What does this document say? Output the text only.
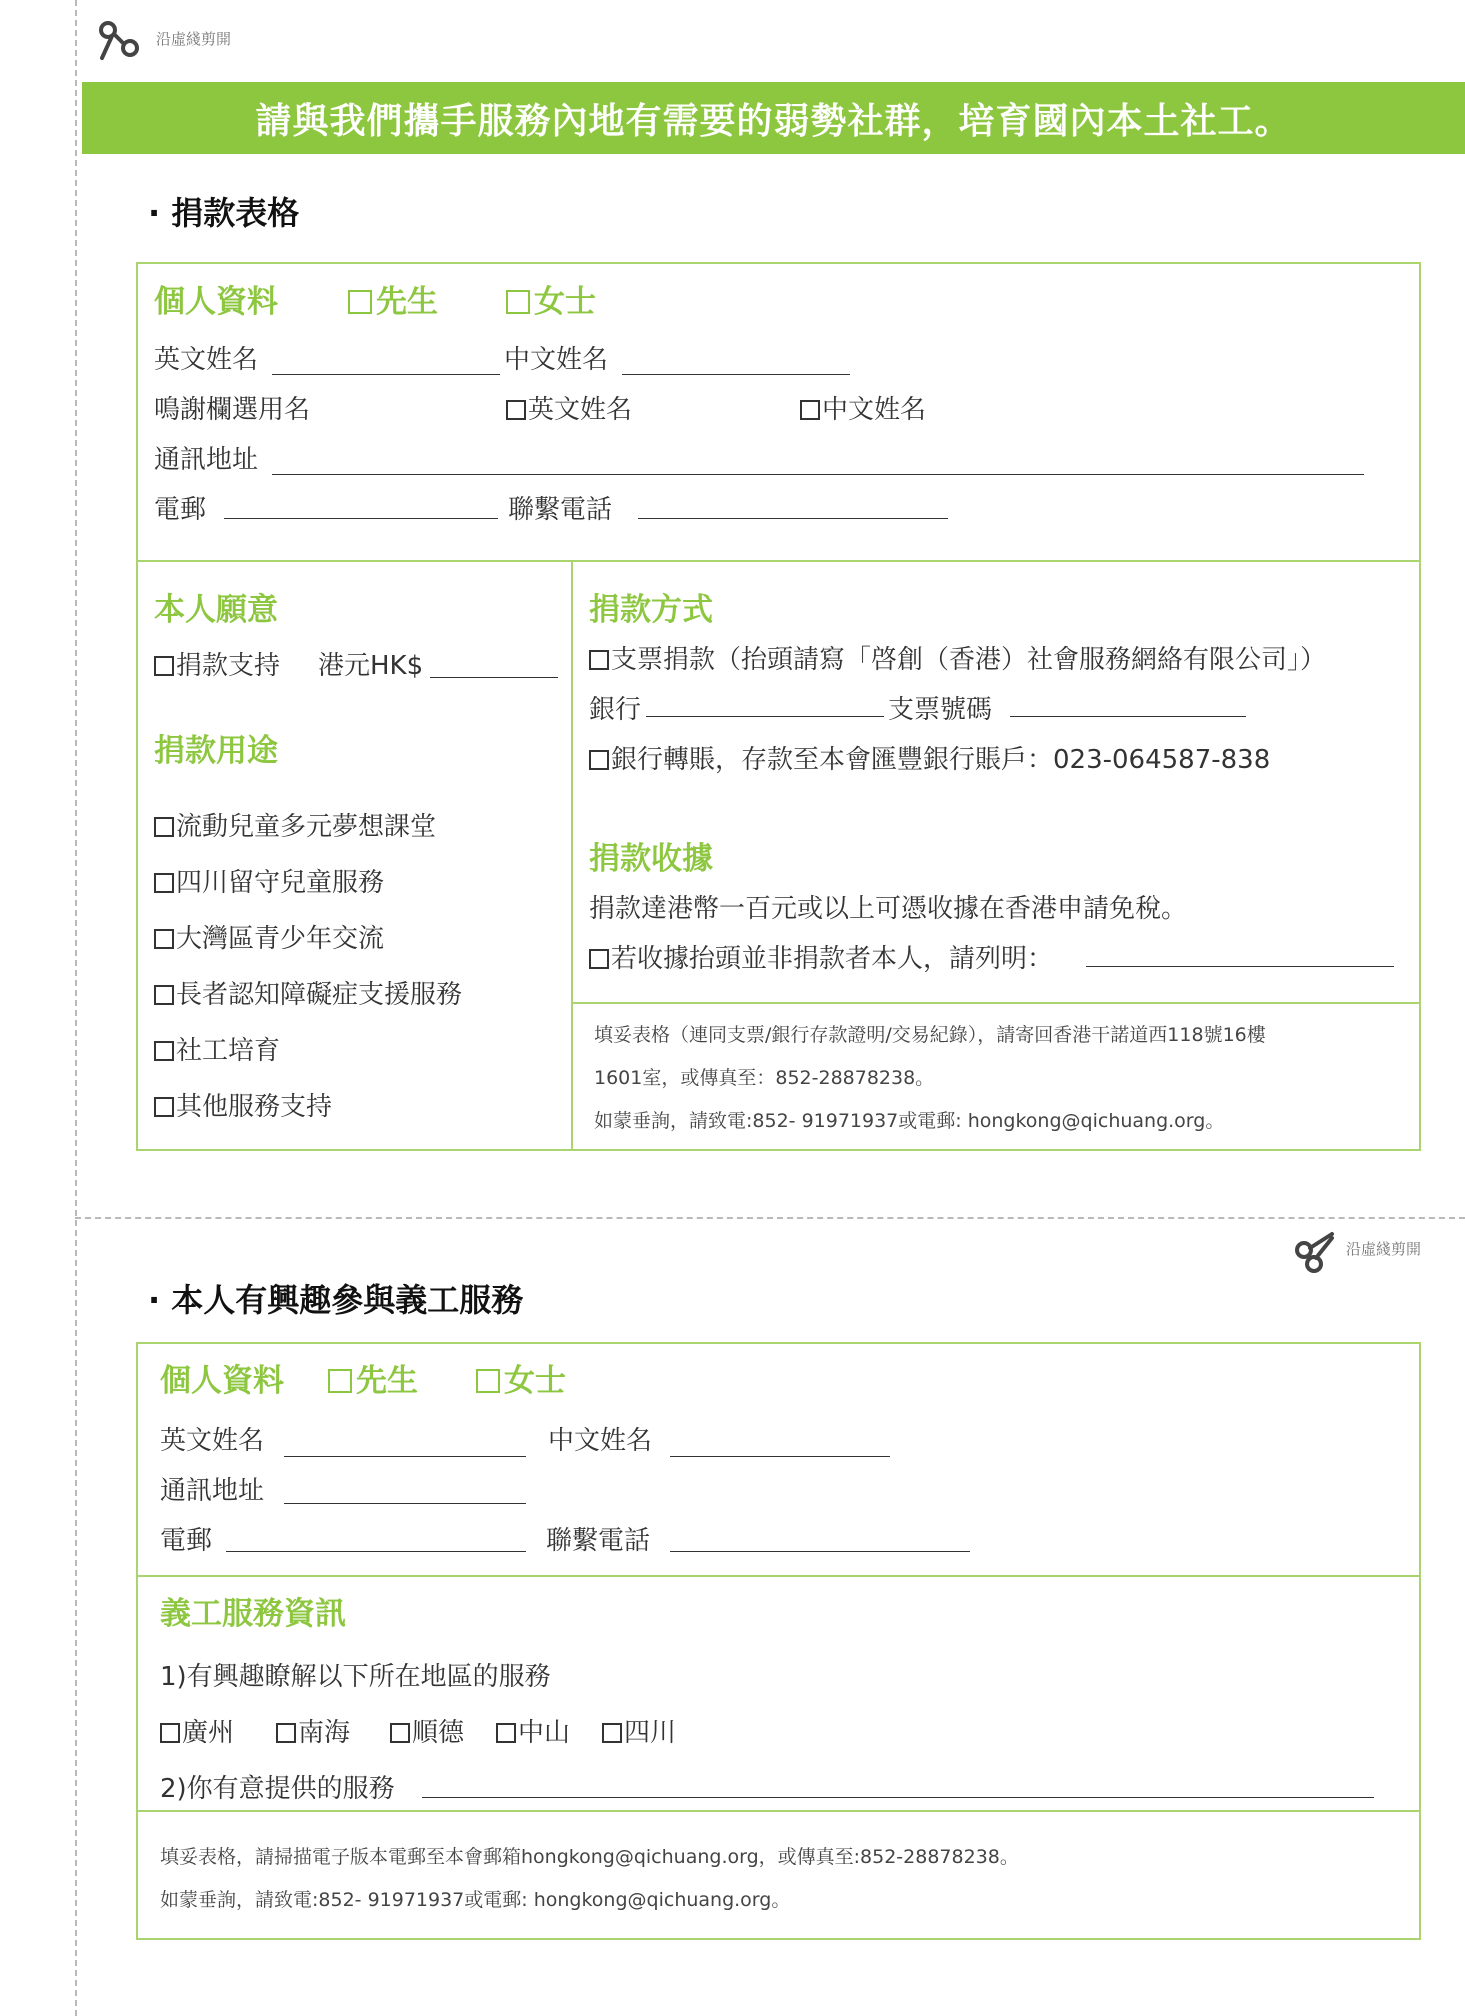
沿虛綫剪開
請與我們攜手服務內地有需要的弱勢社群，培育國內本土社工。
· 捐款表格
個人資料	先生	女士
英文姓名	中文姓名
鳴謝欄選用名	英文姓名	中文姓名
通訊地址
電郵	聯繫電話
本人願意
捐款支持 港元HK$
捐款用途
流動兒童多元夢想課堂
四川留守兒童服務
大灣區青少年交流
長者認知障礙症支援服務
社工培育
其他服務支持
捐款方式
支票捐款（抬頭請寫「啓創（香港）社會服務網絡有限公司」）
銀行	支票號碼
銀行轉賬，存款至本會匯豐銀行賬戶：023-064587-838
捐款收據
捐款達港幣一百元或以上可憑收據在香港申請免稅。
若收據抬頭並非捐款者本人，請列明：
填妥表格（連同支票/銀行存款證明/交易紀錄），請寄回香港干諾道西118號16樓
1601室，或傳真至：852-28878238。
如蒙垂詢，請致電:852- 91971937或電郵: hongkong@qichuang.org。
沿虛綫剪開
· 本人有興趣參與義工服務
個人資料	先生	女士
英文姓名	中文姓名
通訊地址
電郵	聯繫電話
義工服務資訊
1)有興趣瞭解以下所在地區的服務
廣州	南海	順德	中山	四川
2)你有意提供的服務
填妥表格，請掃描電子版本電郵至本會郵箱hongkong@qichuang.org，或傳真至:852-28878238。
如蒙垂詢，請致電:852- 91971937或電郵: hongkong@qichuang.org。
